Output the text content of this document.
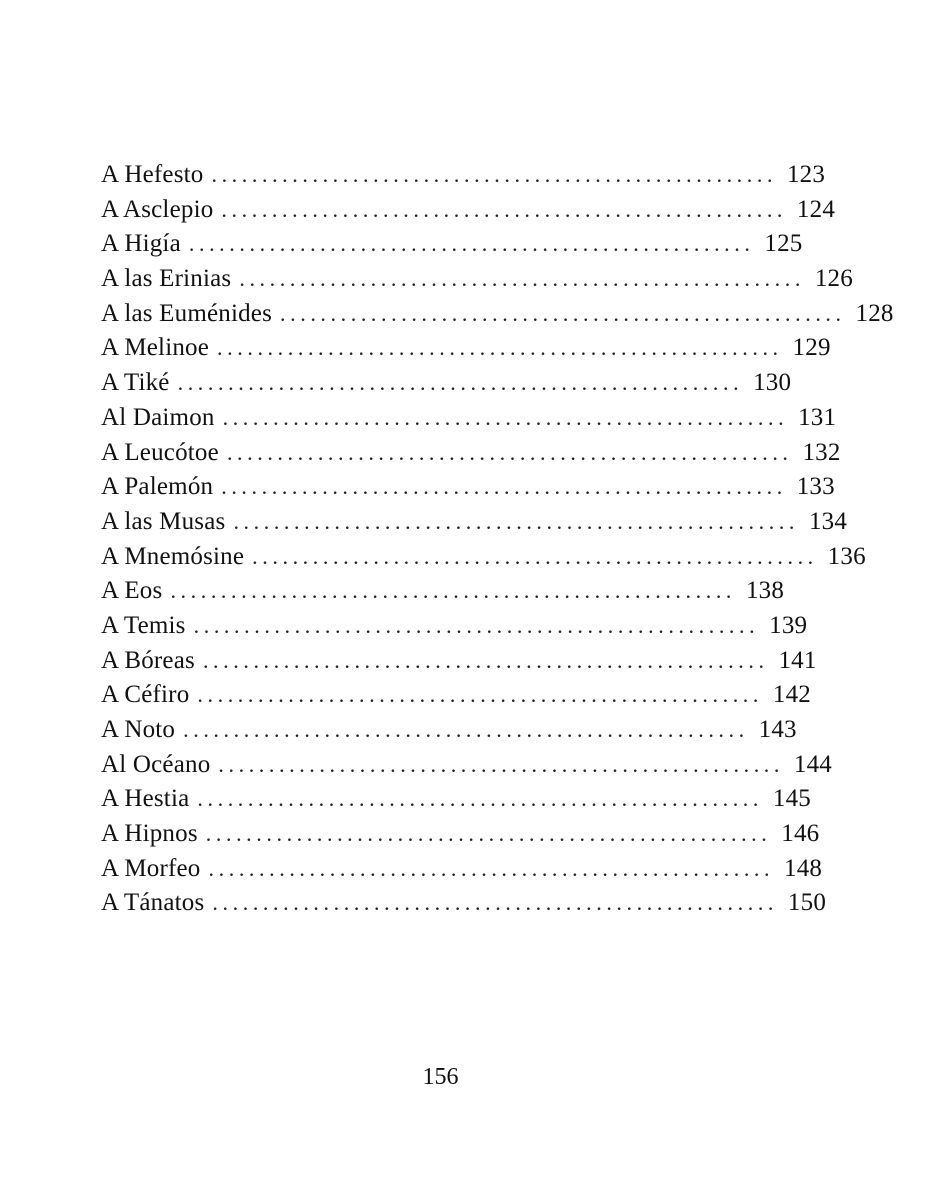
A Hefesto ........................................................ 123
A Asclepio ........................................................ 124
A Higía ........................................................ 125
A las Erinias ........................................................ 126
A las Euménides ........................................................ 128
A Melinoe ........................................................ 129
A Tiké ........................................................ 130
Al Daimon ........................................................ 131
A Leucótoe ........................................................ 132
A Palemón ........................................................ 133
A las Musas ........................................................ 134
A Mnemósine ........................................................ 136
A Eos ........................................................ 138
A Temis ........................................................ 139
A Bóreas ........................................................ 141
A Céfiro ........................................................ 142
A Noto ........................................................ 143
Al Océano ........................................................ 144
A Hestia ........................................................ 145
A Hipnos ........................................................ 146
A Morfeo ........................................................ 148
A Tánatos ........................................................ 150
156
